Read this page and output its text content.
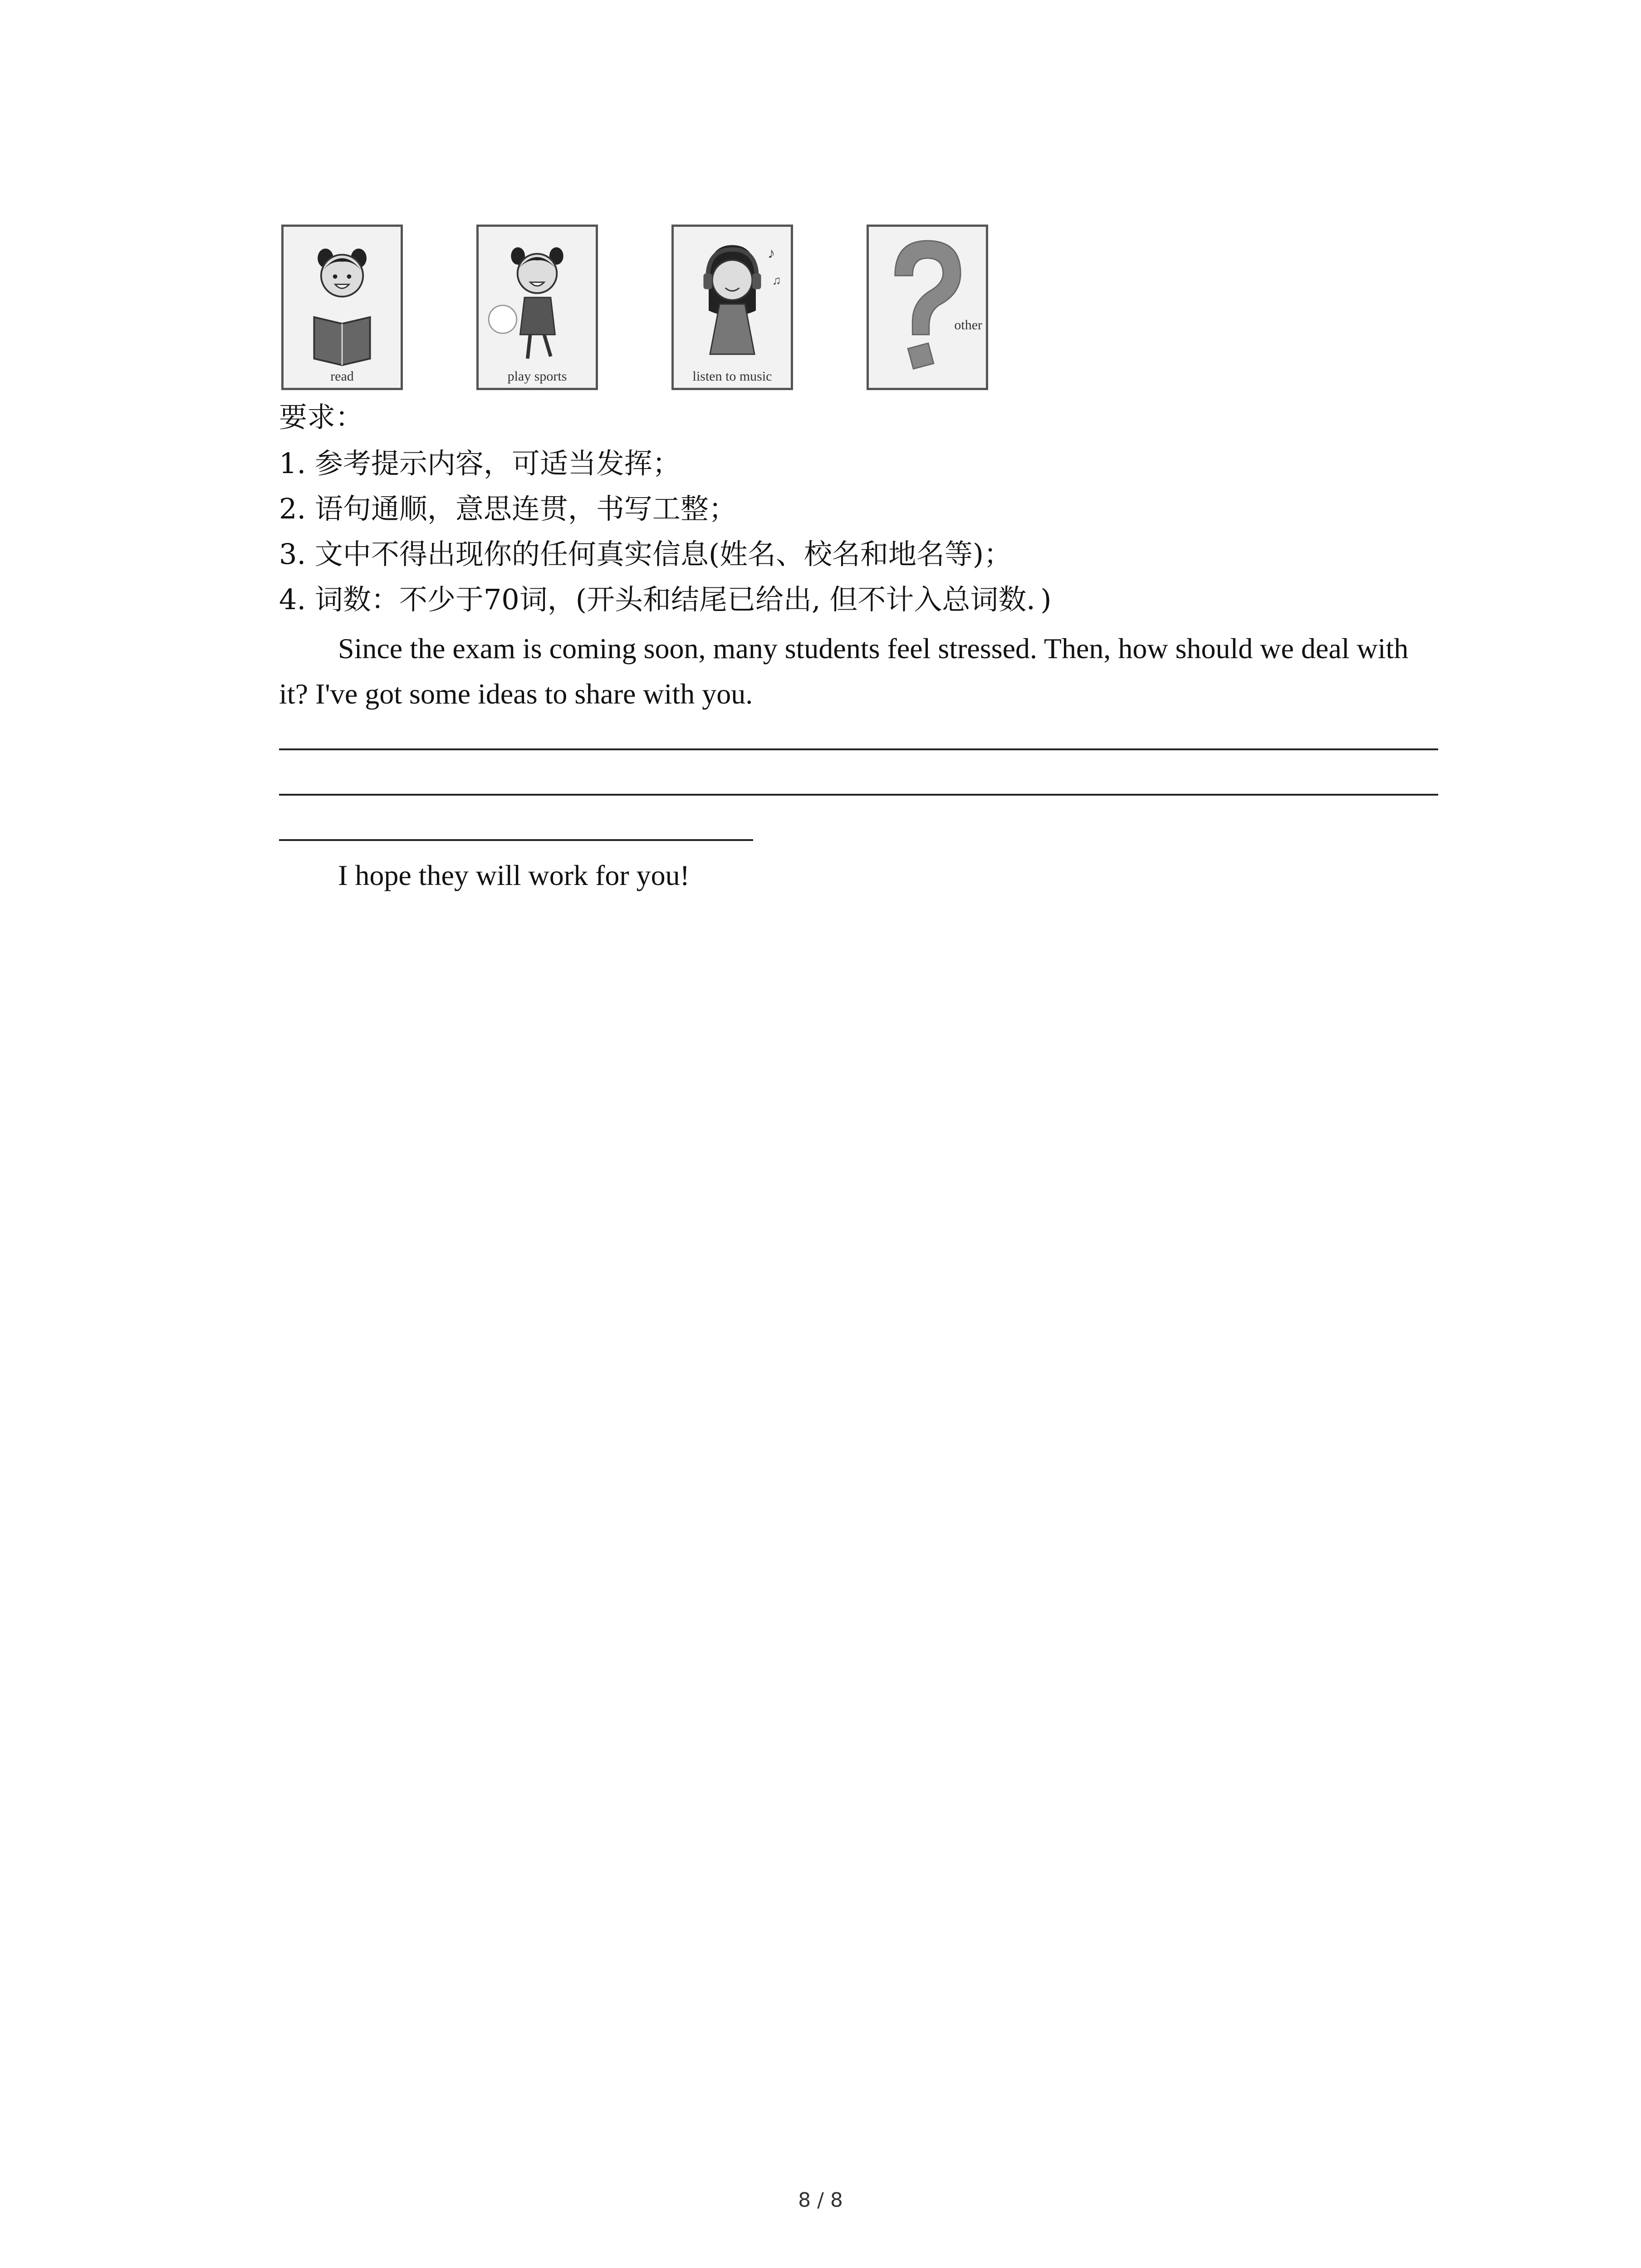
read	play sports
♪
♫
listen to music
other
要求：
1. 参考提示内容，可适当发挥；
2. 语句通顺，意思连贯，书写工整；
3. 文中不得出现你的任何真实信息(姓名、校名和地名等)；
4. 词数：不少于70词，(开头和结尾已给出, 但不计入总词数．)
Since the exam is coming soon, many students feel stressed. Then, how should we deal with it? I've got some ideas to share with you.
I hope they will work for you!
8 / 8
